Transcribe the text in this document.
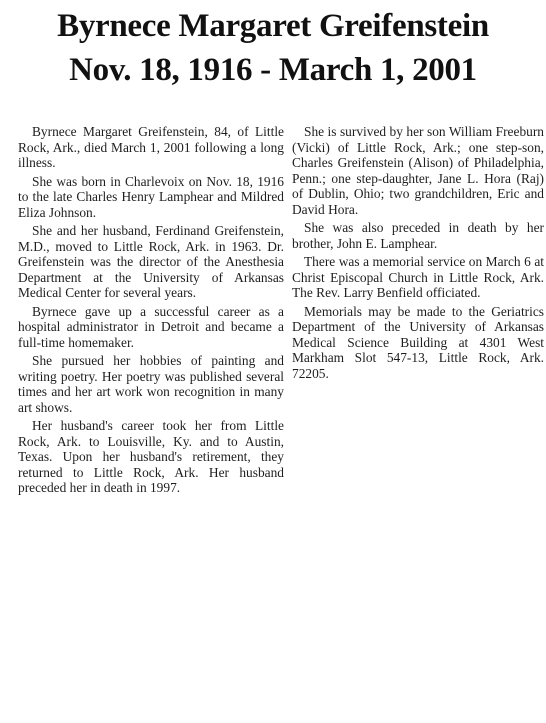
Byrnece Margaret Greifenstein
Nov. 18, 1916 - March 1, 2001

Byrnece Margaret Greifenstein, 84, of Little Rock, Ark., died March 1, 2001 following a long illness.

She was born in Charlevoix on Nov. 18, 1916 to the late Charles Henry Lamphear and Mildred Eliza Johnson.

She and her husband, Ferdinand Greifenstein, M.D., moved to Little Rock, Ark. in 1963. Dr. Greifenstein was the director of the Anesthesia Department at the University of Arkansas Medical Center for several years.

Byrnece gave up a successful career as a hospital administrator in Detroit and became a full-time homemaker.

She pursued her hobbies of painting and writing poetry. Her poetry was published several times and her art work won recognition in many art shows.

Her husband's career took her from Little Rock, Ark. to Louisville, Ky. and to Austin, Texas. Upon her husband's retirement, they returned to Little Rock, Ark. Her husband preceded her in death in 1997.

She is survived by her son William Freeburn (Vicki) of Little Rock, Ark.; one step-son, Charles Greifenstein (Alison) of Philadelphia, Penn.; one step-daughter, Jane L. Hora (Raj) of Dublin, Ohio; two grandchildren, Eric and David Hora.

She was also preceded in death by her brother, John E. Lamphear.

There was a memorial service on March 6 at Christ Episcopal Church in Little Rock, Ark. The Rev. Larry Benfield officiated.

Memorials may be made to the Geriatrics Department of the University of Arkansas Medical Science Building at 4301 West Markham Slot 547-13, Little Rock, Ark. 72205.
